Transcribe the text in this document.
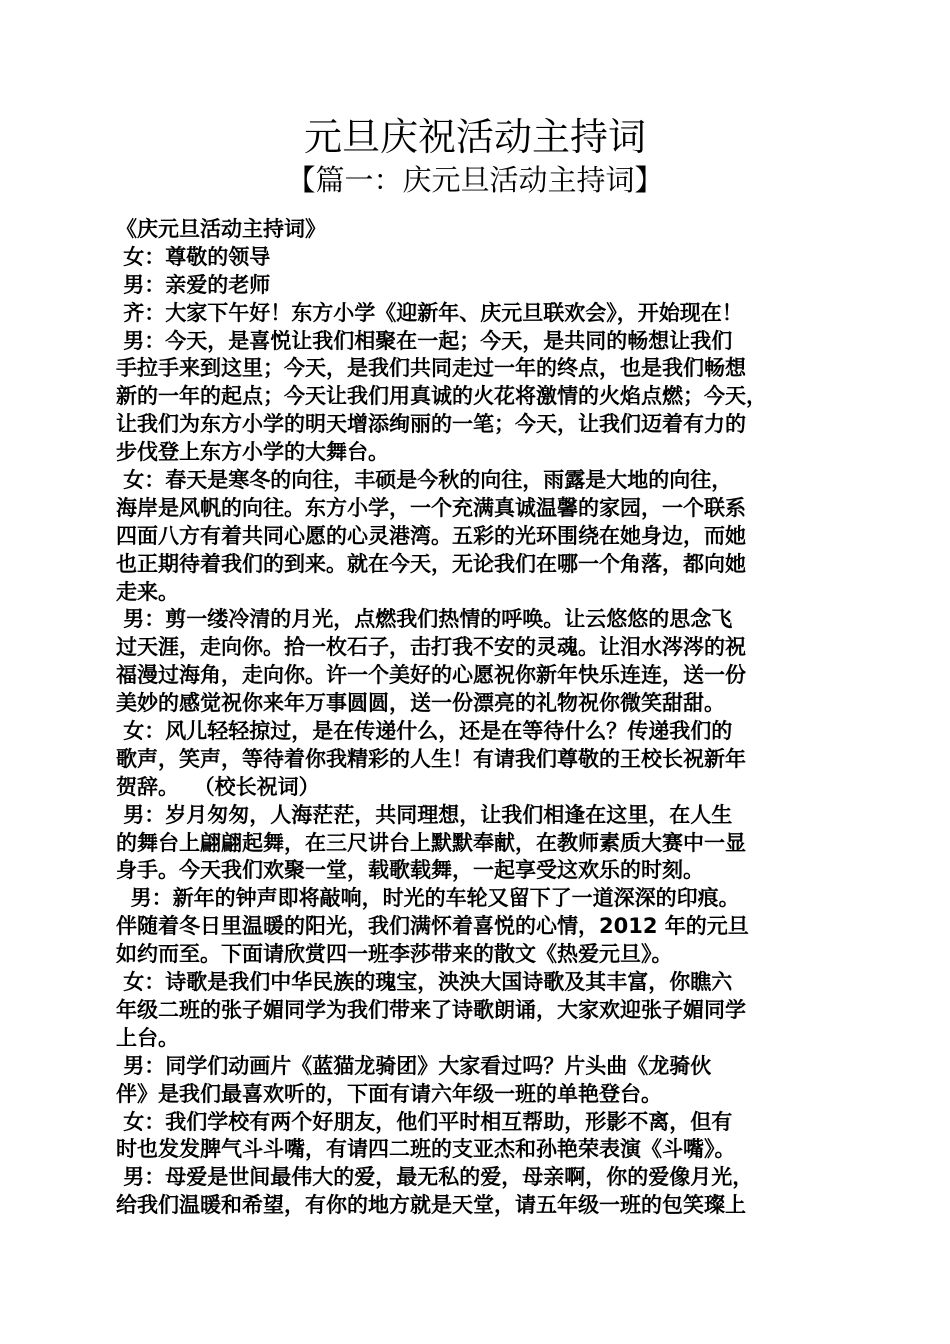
元旦庆祝活动主持词
【篇一：庆元旦活动主持词】
《庆元旦活动主持词》
女：尊敬的领导
男：亲爱的老师
齐：大家下午好！东方小学《迎新年、庆元旦联欢会》，开始现在！
男：今天，是喜悦让我们相聚在一起；今天，是共同的畅想让我们
手拉手来到这里；今天，是我们共同走过一年的终点，也是我们畅想
新的一年的起点；今天让我们用真诚的火花将激情的火焰点燃；今天，
让我们为东方小学的明天增添绚丽的一笔；今天，让我们迈着有力的
步伐登上东方小学的大舞台。
女：春天是寒冬的向往，丰硕是今秋的向往，雨露是大地的向往，
海岸是风帆的向往。东方小学，一个充满真诚温馨的家园，一个联系
四面八方有着共同心愿的心灵港湾。五彩的光环围绕在她身边，而她
也正期待着我们的到来。就在今天，无论我们在哪一个角落，都向她
走来。
男：剪一缕冷清的月光，点燃我们热情的呼唤。让云悠悠的思念飞
过天涯，走向你。拾一枚石子，击打我不安的灵魂。让泪水涔涔的祝
福漫过海角，走向你。许一个美好的心愿祝你新年快乐连连，送一份
美妙的感觉祝你来年万事圆圆，送一份漂亮的礼物祝你微笑甜甜。
女：风儿轻轻掠过，是在传递什么，还是在等待什么？传递我们的
歌声，笑声，等待着你我精彩的人生！有请我们尊敬的王校长祝新年
贺辞。  （校长祝词）
男：岁月匆匆，人海茫茫，共同理想，让我们相逢在这里，在人生
的舞台上翩翩起舞，在三尺讲台上默默奉献，在教师素质大赛中一显
身手。今天我们欢聚一堂，载歌载舞，一起享受这欢乐的时刻。
男：新年的钟声即将敲响，时光的车轮又留下了一道深深的印痕。
伴随着冬日里温暖的阳光，我们满怀着喜悦的心情，2012 年的元旦
如约而至。下面请欣赏四一班李莎带来的散文《热爱元旦》。
女：诗歌是我们中华民族的瑰宝，泱泱大国诗歌及其丰富，你瞧六
年级二班的张子媚同学为我们带来了诗歌朗诵，大家欢迎张子媚同学
上台。
男：同学们动画片《蓝猫龙骑团》大家看过吗？片头曲《龙骑伙
伴》是我们最喜欢听的，下面有请六年级一班的单艳登台。
女：我们学校有两个好朋友，他们平时相互帮助，形影不离，但有
时也发发脾气斗斗嘴，有请四二班的支亚杰和孙艳荣表演《斗嘴》。
男：母爱是世间最伟大的爱，最无私的爱，母亲啊，你的爱像月光，
给我们温暖和希望，有你的地方就是天堂，请五年级一班的包笑璨上
